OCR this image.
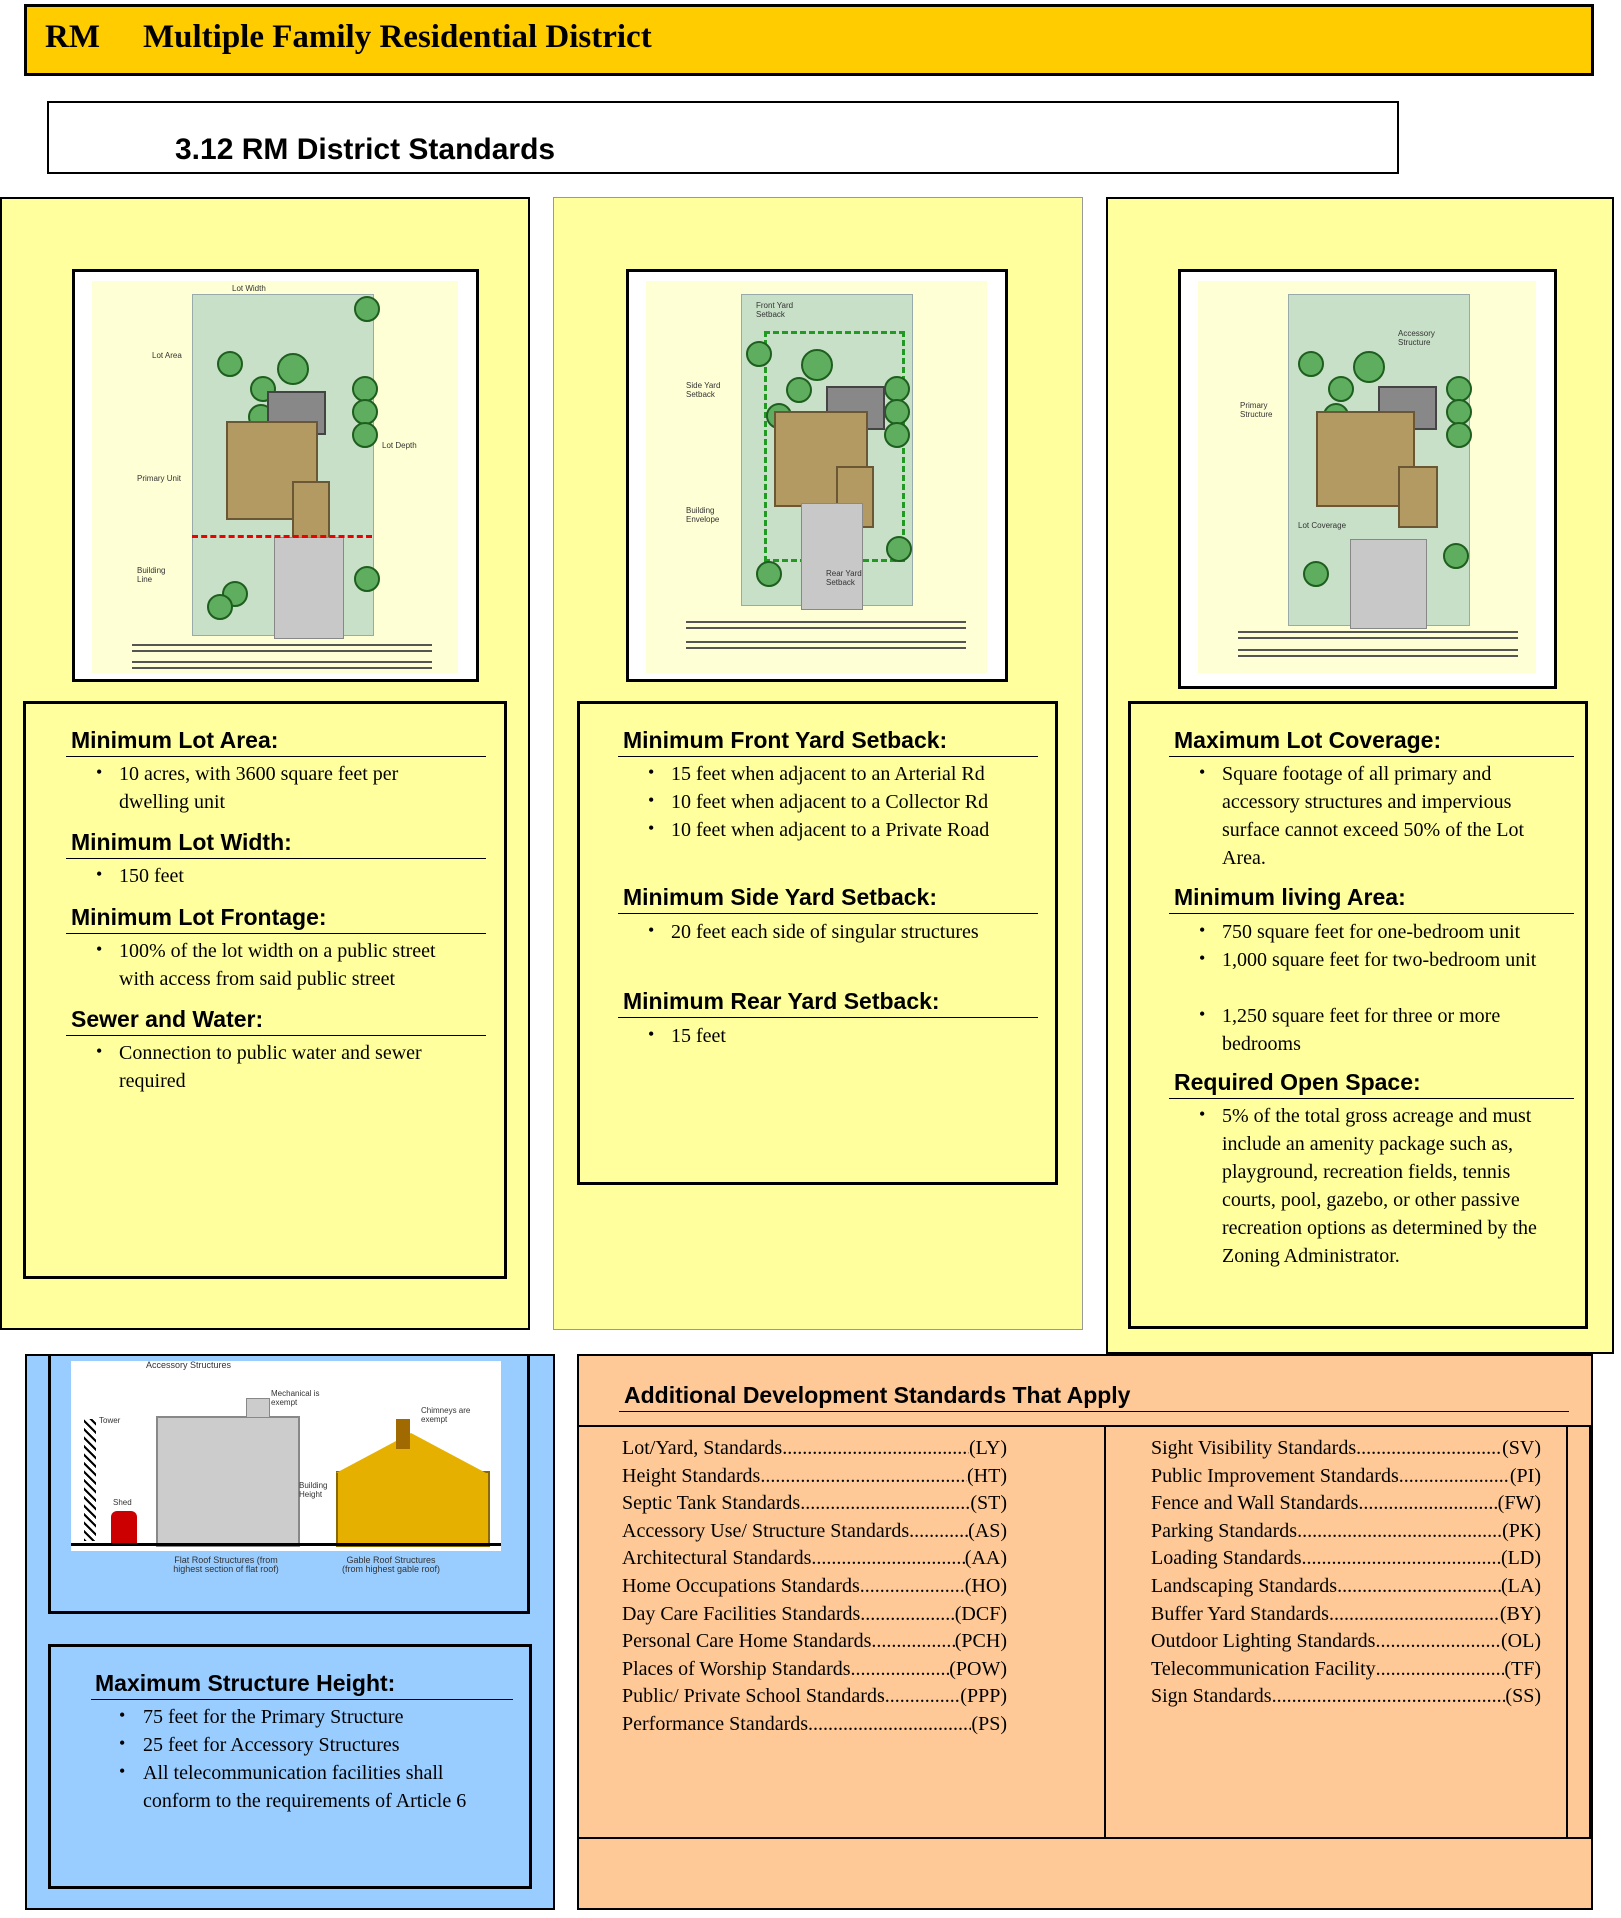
RM Multiple Family Residential District
3.12 RM District Standards
Lot Width
Lot Area
Lot Depth
Primary Unit
Building Line
Minimum Lot Area:
• 10 acres, with 3600 square feet per dwelling unit
Minimum Lot Width:
• 150 feet
Minimum Lot Frontage:
• 100% of the lot width on a public street with access from said public street
Sewer and Water:
• Connection to public water and sewer required
Front Yard Setback
Side Yard Setback
Building Envelope
Rear Yard Setback
Minimum Front Yard Setback:
• 15 feet when adjacent to an Arterial Rd
• 10 feet when adjacent to a Collector Rd
• 10 feet when adjacent to a Private Road
Minimum Side Yard Setback:
• 20 feet each side of singular structures
Minimum Rear Yard Setback:
• 15 feet
Accessory Structure
Primary Structure
Lot Coverage
Maximum Lot Coverage:
• Square footage of all primary and accessory structures and impervious surface cannot exceed 50% of the Lot Area.
Minimum living Area:
• 750 square feet for one-bedroom unit
• 1,000 square feet for two-bedroom unit
• 1,250 square feet for three or more bedrooms
Required Open Space:
• 5% of the total gross acreage and must include an amenity package such as, playground, recreation fields, tennis courts, pool, gazebo, or other passive recreation options as determined by the Zoning Administrator.
Accessory Structures
Tower
Shed
Mechanical is exempt
Building Height
Chimneys are exempt
Flat Roof Structures (from highest section of flat roof)
Gable Roof Structures (from highest gable roof)
Maximum Structure Height:
• 75 feet for the Primary Structure
• 25 feet for Accessory Structures
• All telecommunication facilities shall conform to the requirements of Article 6
Additional Development Standards That Apply
Lot/Yard, Standards .....	(LY)
Height Standards .....	(HT)
Septic Tank Standards .....	(ST)
Accessory Use/ Structure Standards .....	(AS)
Architectural Standards .....	(AA)
Home Occupations Standards .....	(HO)
Day Care Facilities Standards .....	(DCF)
Personal Care Home Standards .....	(PCH)
Places of Worship Standards .....	(POW)
Public/ Private School Standards .....	(PPP)
Performance Standards .....	(PS)
Sight Visibility Standards .....	(SV)
Public Improvement Standards .....	(PI)
Fence and Wall Standards .....	(FW)
Parking Standards .....	(PK)
Loading Standards .....	(LD)
Landscaping Standards .....	(LA)
Buffer Yard Standards .....	(BY)
Outdoor Lighting Standards .....	(OL)
Telecommunication Facility .....	(TF)
Sign Standards .....	(SS)
